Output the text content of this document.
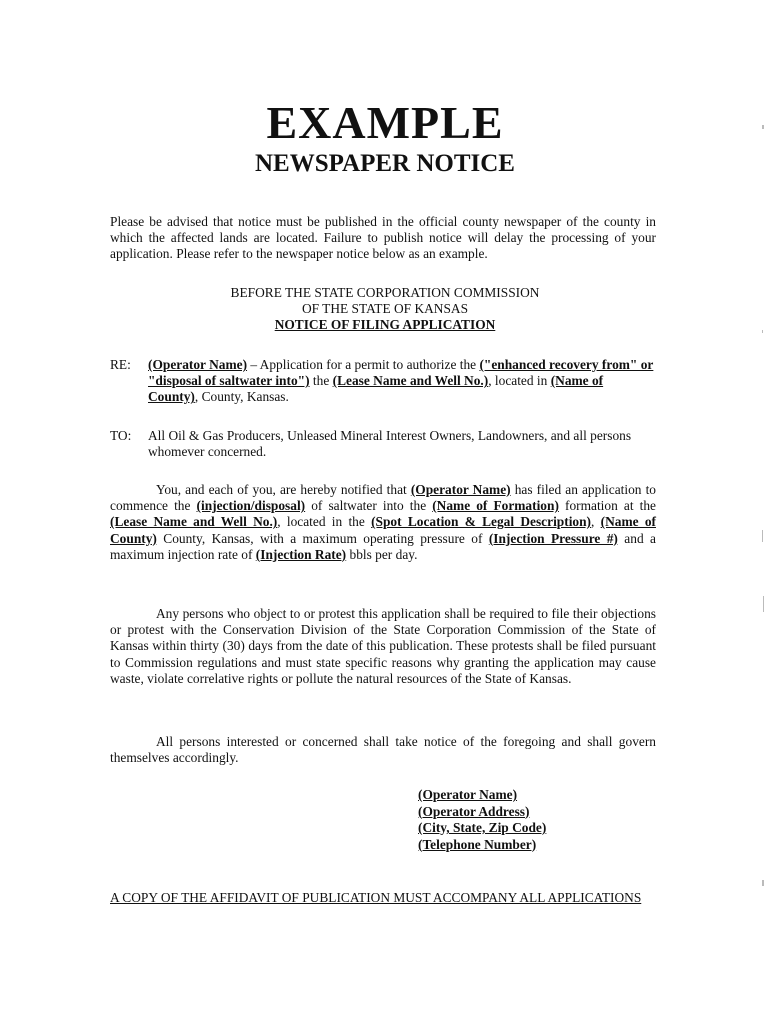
EXAMPLE
NEWSPAPER NOTICE
Please be advised that notice must be published in the official county newspaper of the county in which the affected lands are located. Failure to publish notice will delay the processing of your application. Please refer to the newspaper notice below as an example.
BEFORE THE STATE CORPORATION COMMISSION
OF THE STATE OF KANSAS
NOTICE OF FILING APPLICATION
RE: (Operator Name) – Application for a permit to authorize the ("enhanced recovery from" or "disposal of saltwater into") the (Lease Name and Well No.), located in (Name of County), County, Kansas.
TO: All Oil & Gas Producers, Unleased Mineral Interest Owners, Landowners, and all persons whomever concerned.
You, and each of you, are hereby notified that (Operator Name) has filed an application to commence the (injection/disposal) of saltwater into the (Name of Formation) formation at the (Lease Name and Well No.), located in the (Spot Location & Legal Description), (Name of County) County, Kansas, with a maximum operating pressure of (Injection Pressure #) and a maximum injection rate of (Injection Rate) bbls per day.
Any persons who object to or protest this application shall be required to file their objections or protest with the Conservation Division of the State Corporation Commission of the State of Kansas within thirty (30) days from the date of this publication. These protests shall be filed pursuant to Commission regulations and must state specific reasons why granting the application may cause waste, violate correlative rights or pollute the natural resources of the State of Kansas.
All persons interested or concerned shall take notice of the foregoing and shall govern themselves accordingly.
(Operator Name)
(Operator Address)
(City, State, Zip Code)
(Telephone Number)
A COPY OF THE AFFIDAVIT OF PUBLICATION MUST ACCOMPANY ALL APPLICATIONS
